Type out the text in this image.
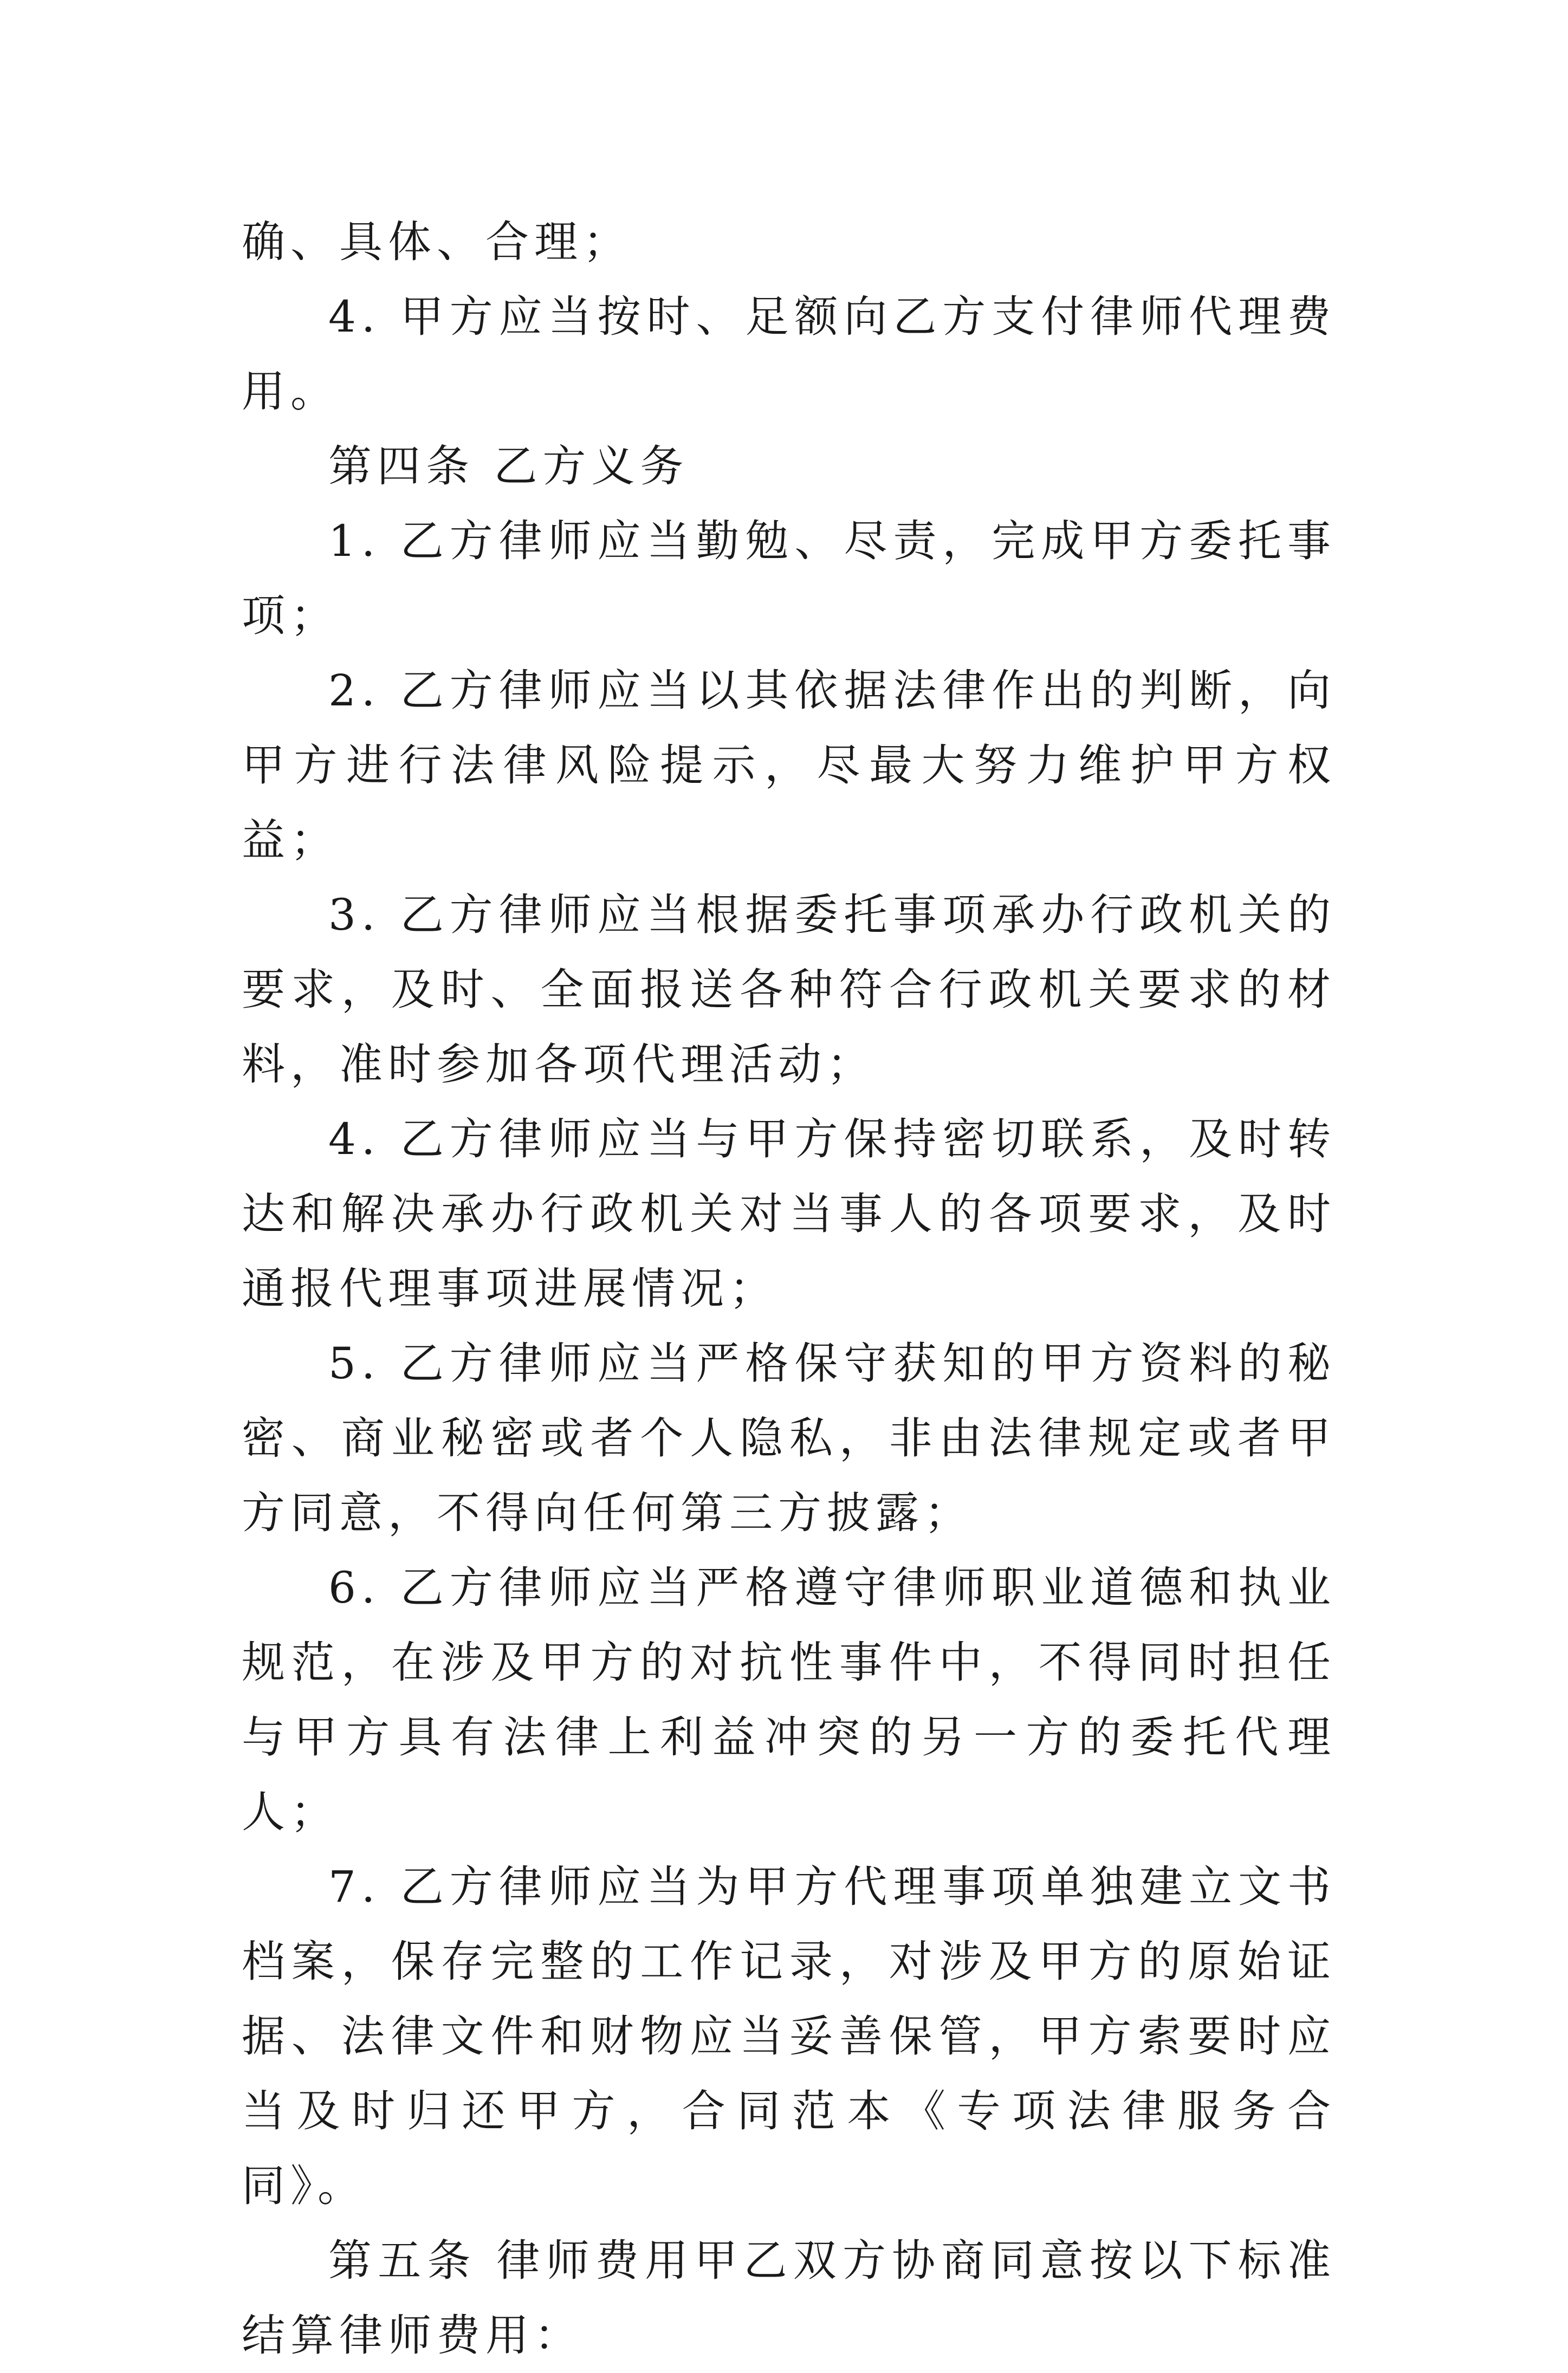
确、具体、合理；

4. 甲方应当按时、足额向乙方支付律师代理费用。

第四条 乙方义务

1. 乙方律师应当勤勉、尽责，完成甲方委托事项；

2. 乙方律师应当以其依据法律作出的判断，向甲方进行法律风险提示，尽最大努力维护甲方权益；

3. 乙方律师应当根据委托事项承办行政机关的要求，及时、全面报送各种符合行政机关要求的材料，准时参加各项代理活动；

4. 乙方律师应当与甲方保持密切联系，及时转达和解决承办行政机关对当事人的各项要求，及时通报代理事项进展情况；

5. 乙方律师应当严格保守获知的甲方资料的秘密、商业秘密或者个人隐私，非由法律规定或者甲方同意，不得向任何第三方披露；

6. 乙方律师应当严格遵守律师职业道德和执业规范，在涉及甲方的对抗性事件中，不得同时担任与甲方具有法律上利益冲突的另一方的委托代理人；

7. 乙方律师应当为甲方代理事项单独建立文书档案，保存完整的工作记录，对涉及甲方的原始证据、法律文件和财物应当妥善保管，甲方索要时应当及时归还甲方，合同范本《专项法律服务合同》。

第五条 律师费用甲乙双方协商同意按以下标准结算律师费用：
